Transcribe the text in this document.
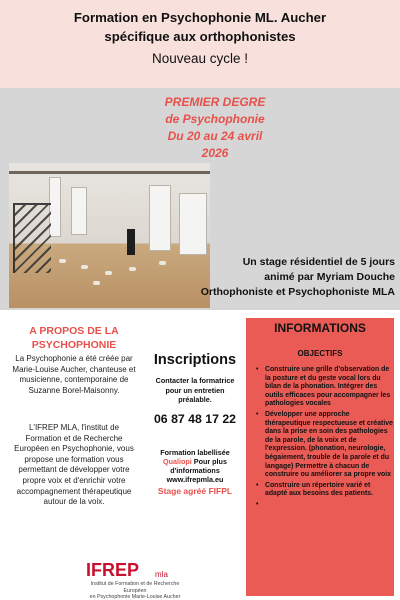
Formation en Psychophonie ML. Aucher
spécifique aux orthophonistes
Nouveau cycle !
PREMIER DEGRE
de Psychophonie
Du 20 au 24 avril
2026
Un stage résidentiel de 5 jours
animé par Myriam Douche
Orthophoniste et Psychophoniste MLA
A PROPOS DE LA
PSYCHOPHONIE

La Psychophonie a été créée par Marie-Louise Aucher, chanteuse et musicienne, contemporaine de Suzanne Borel-Maisonny.

L'IFREP MLA, l'institut de Formation et de Recherche Européen en Psychophonie, vous propose une formation vous permettant de développer votre propre voix et d'enrichir votre accompagnement thérapeutique autour de la voix.

Inscriptions
Contacter la formatrice
pour un entretien
préalable.
06 87 48 17 22
Formation labellisée
Qualiopi Pour plus
d'informations
www.ifrepmla.eu
Stage agréé FIFPL
INFORMATIONS
OBJECTIFS
• Construire une grille d'observation de la posture et du geste vocal lors du bilan de la phonation. Intégrer des outils efficaces pour accompagner les pathologies vocales
• Développer une approche thérapeutique respectueuse et créative dans la prise en soin des pathologies de la parole, de la voix et de l'expression. (phonation, neurologie, bégaiement, trouble de la parole et du langage) Permettre à chacun de construire ou améliorer sa propre voix
• Construire un répertoire varié et adapté aux besoins des patients.
•
IFREP mla
Institut de Formation et de Recherche Européen
en Psychophonie Marie-Louise Aucher
